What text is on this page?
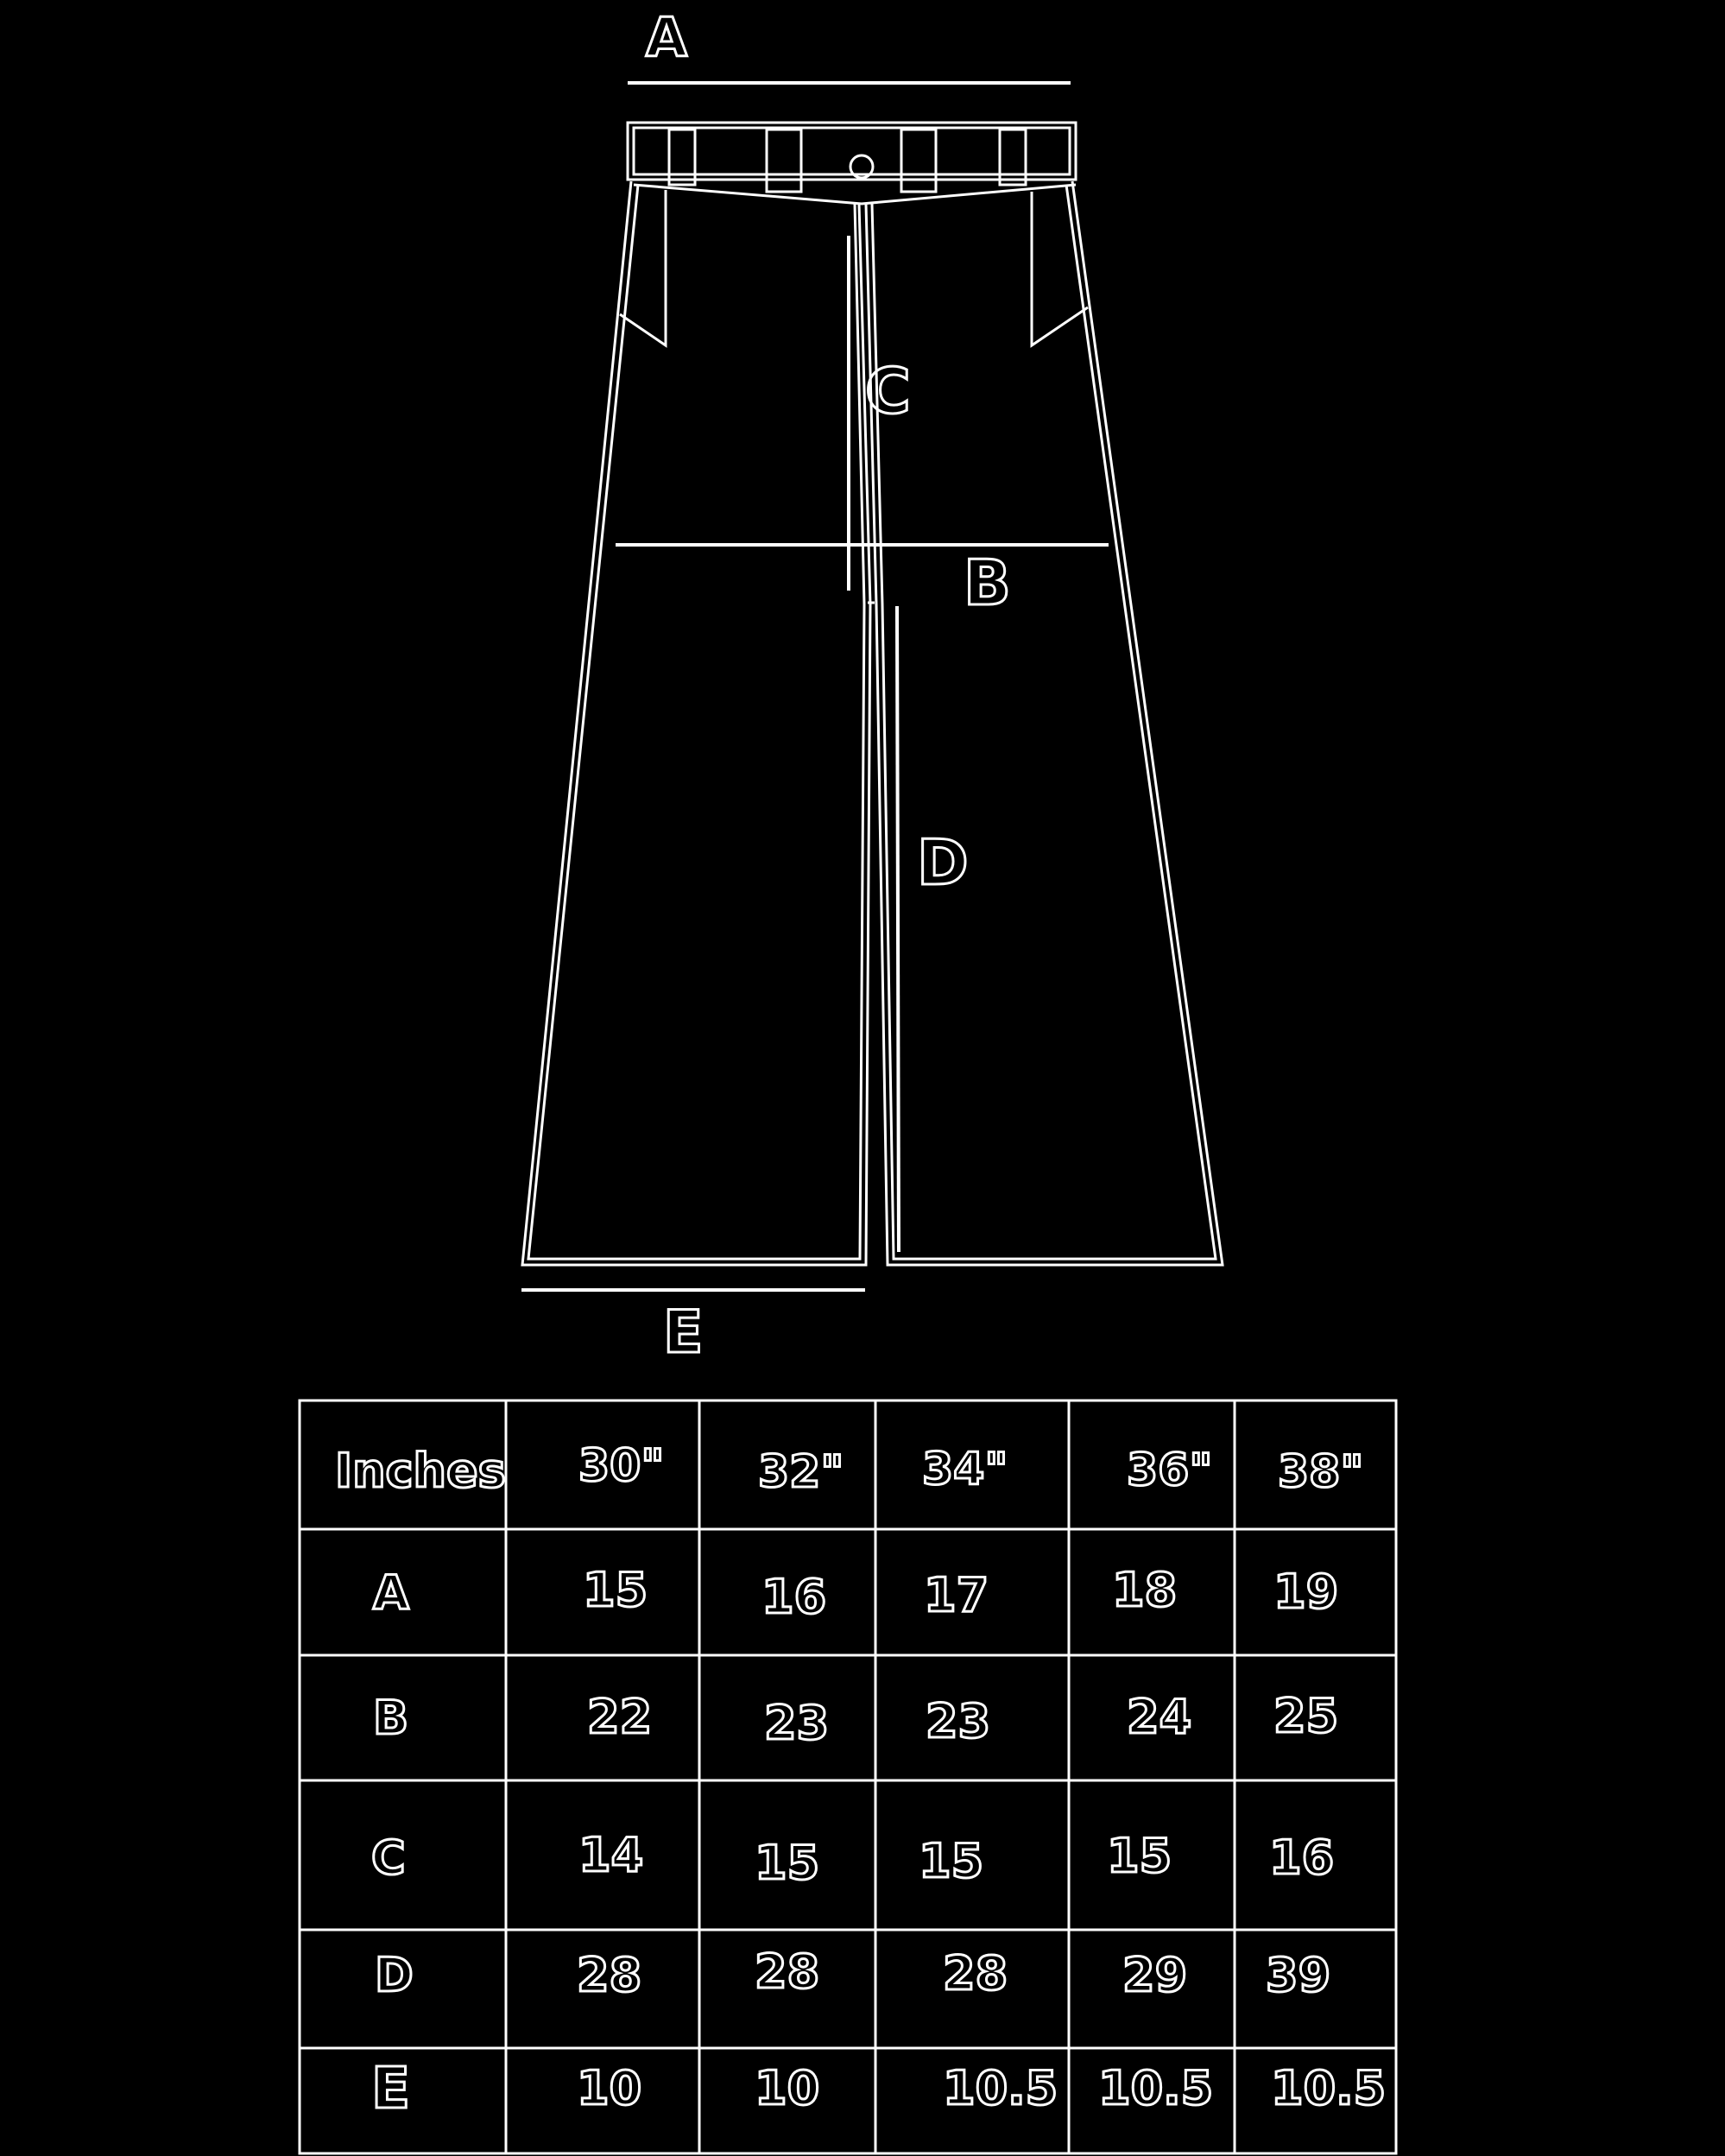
A
C
B
D
E
Inches 30" 32" 34"	36" 38"
A	15 16 17	18 19
B	22 23 23	24 25
C	14 15 15	15 16
D	28 28	28 29 39
E	10 10	10.5 10.5 10.5
